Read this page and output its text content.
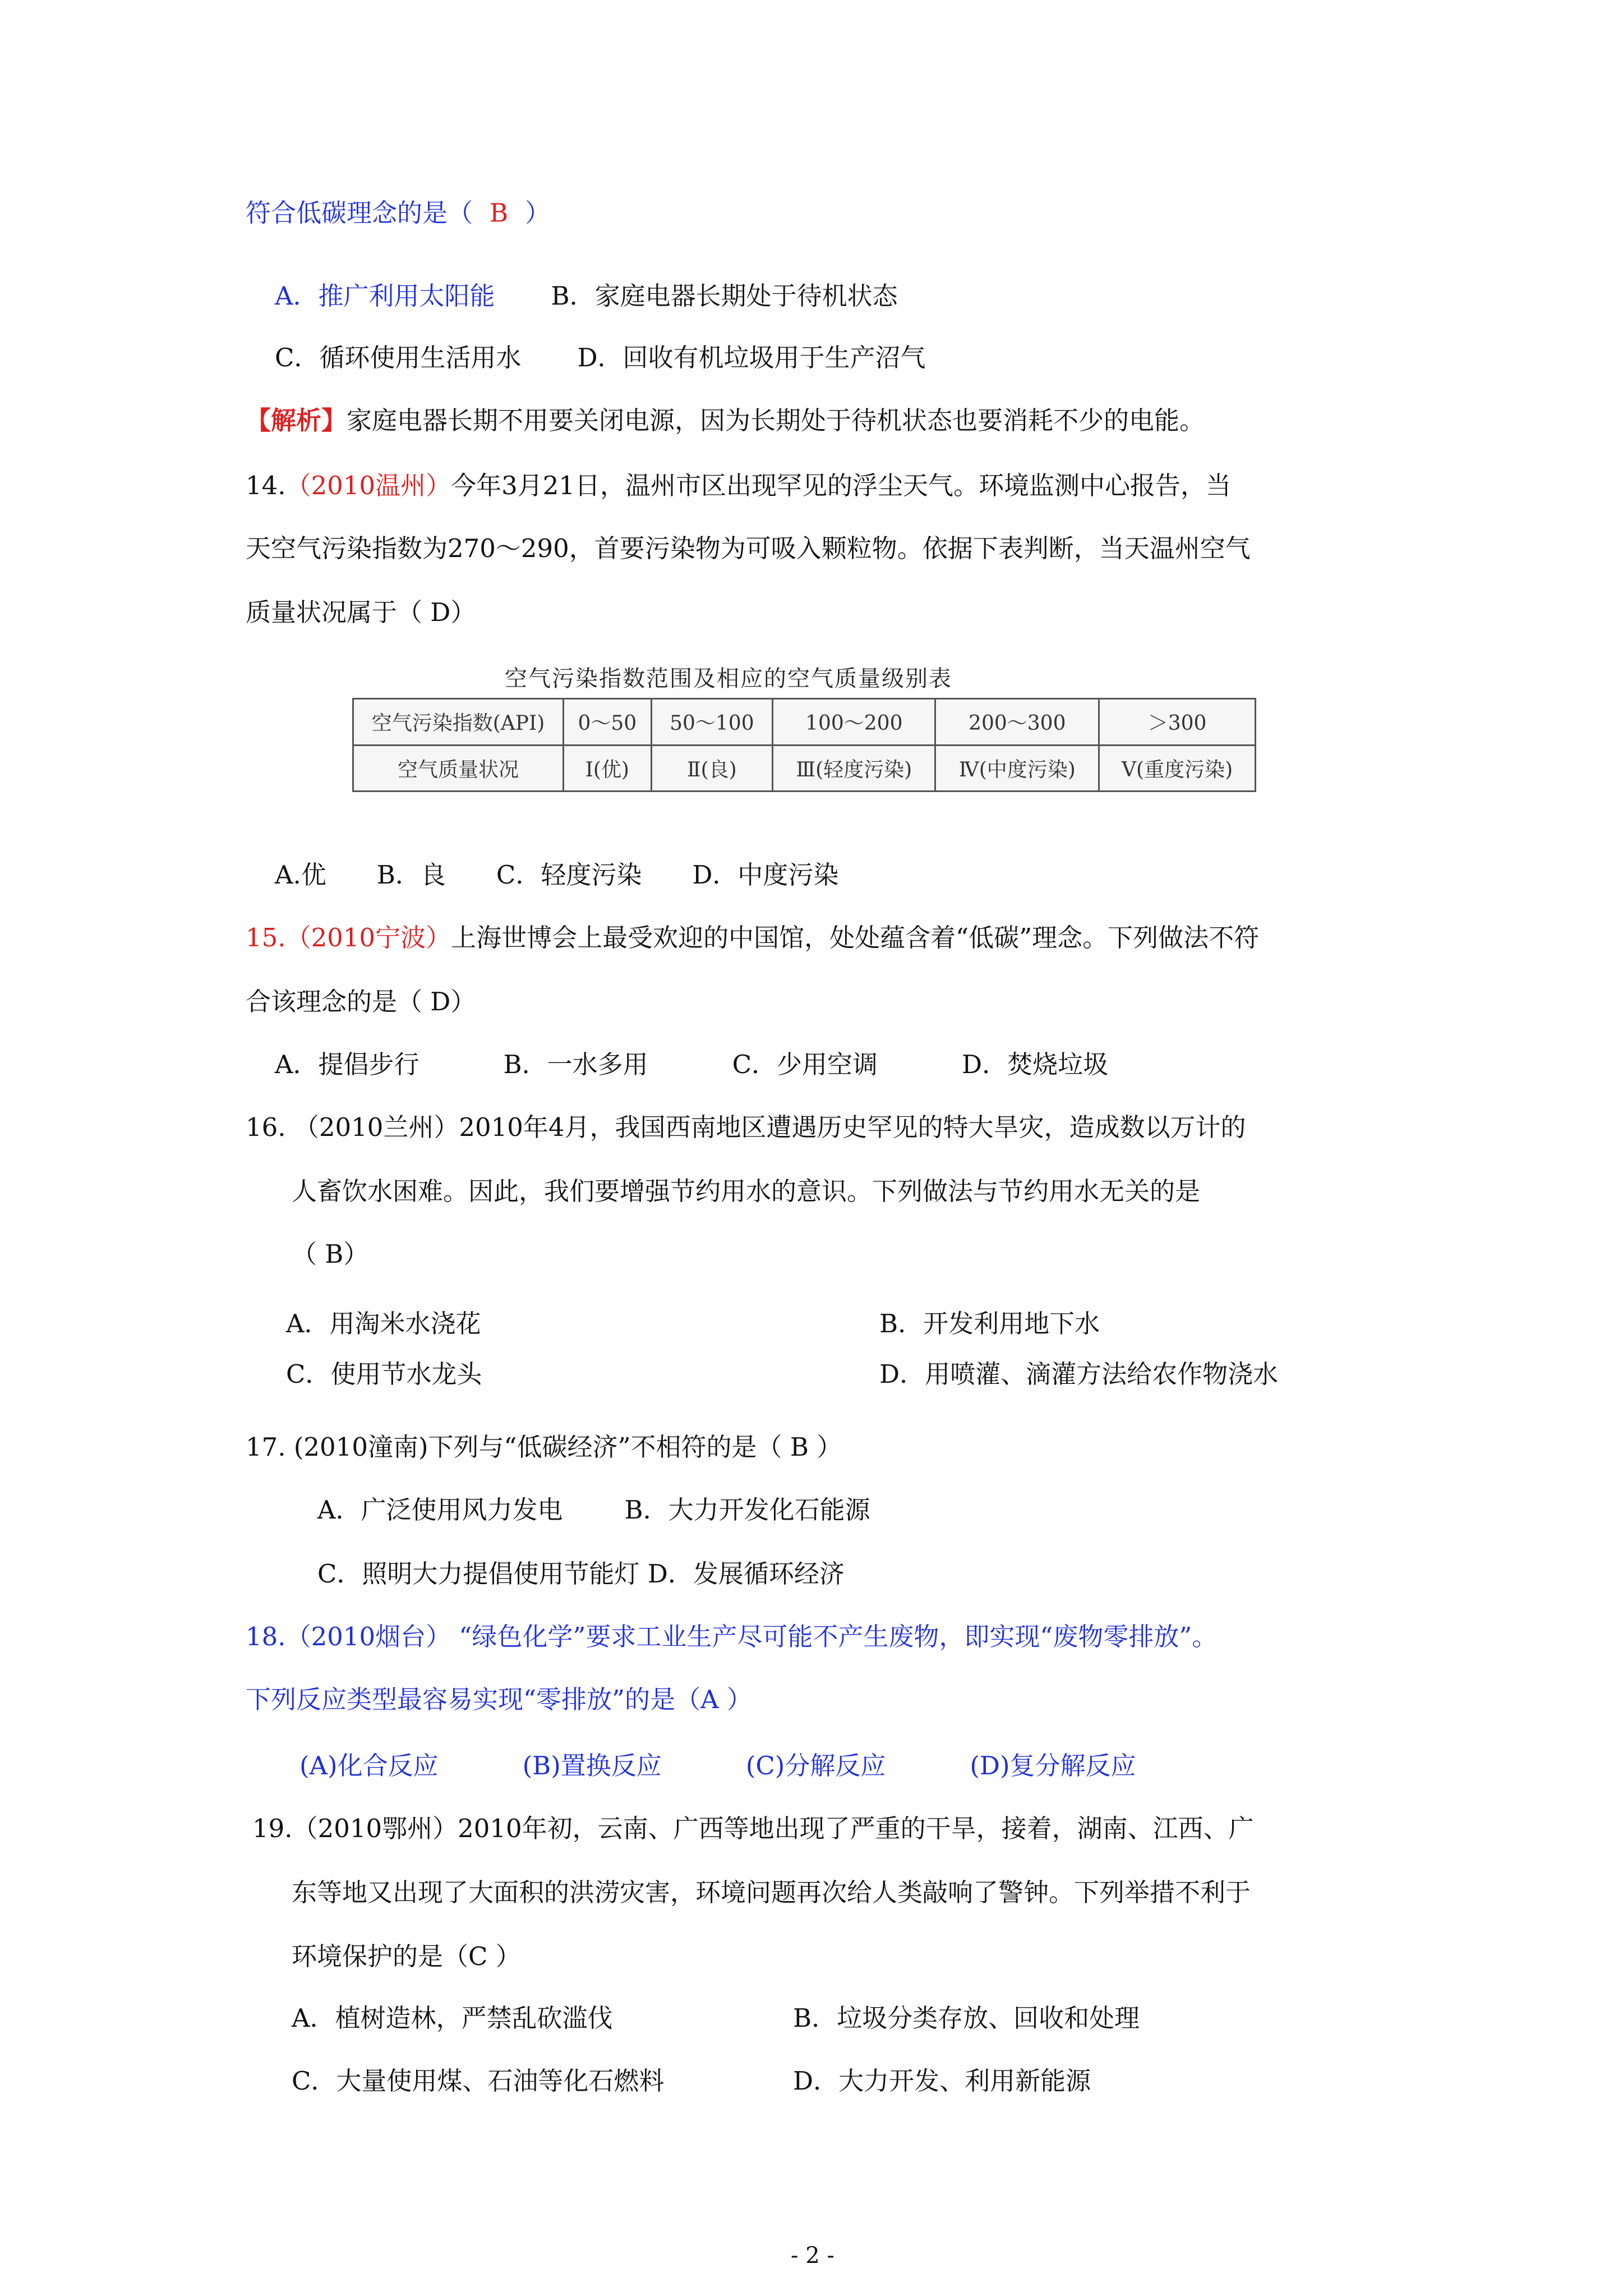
符合低碳理念的是（ B ）
A．推广利用太阳能 B．家庭电器长期处于待机状态
C．循环使用生活用水 D．回收有机垃圾用于生产沼气
【解析】家庭电器长期不用要关闭电源，因为长期处于待机状态也要消耗不少的电能。
14.（2010温州）今年3月21日，温州市区出现罕见的浮尘天气。环境监测中心报告，当
天空气污染指数为270～290，首要污染物为可吸入颗粒物。依据下表判断，当天温州空气
质量状况属于（ D）
空气污染指数范围及相应的空气质量级别表
空气污染指数(API)	0～50	50～100	100～200	200～300	＞300
空气质量状况	Ⅰ(优)	Ⅱ(良)	Ⅲ(轻度污染)	Ⅳ(中度污染)	Ⅴ(重度污染)
A.优 B．良 C．轻度污染 D．中度污染
15.（2010宁波）上海世博会上最受欢迎的中国馆，处处蕴含着“低碳”理念。下列做法不符
合该理念的是（ D）
A．提倡步行	B．一水多用	C．少用空调	D．焚烧垃圾
16. （2010兰州）2010年4月，我国西南地区遭遇历史罕见的特大旱灾，造成数以万计的
人畜饮水困难。因此，我们要增强节约用水的意识。下列做法与节约用水无关的是
（ B）
A．用淘米水浇花	B．开发利用地下水
C．使用节水龙头	D．用喷灌、滴灌方法给农作物浇水
17. (2010潼南)下列与“低碳经济”不相符的是（ B ）
A．广泛使用风力发电 B．大力开发化石能源
C．照明大力提倡使用节能灯 D．发展循环经济
18.（2010烟台） “绿色化学”要求工业生产尽可能不产生废物，即实现“废物零排放”。
下列反应类型最容易实现“零排放”的是（A ）
(A)化合反应	(B)置换反应	(C)分解反应	(D)复分解反应
19.（2010鄂州）2010年初，云南、广西等地出现了严重的干旱，接着，湖南、江西、广
东等地又出现了大面积的洪涝灾害，环境问题再次给人类敲响了警钟。下列举措不利于
环境保护的是（C ）
A．植树造林，严禁乱砍滥伐	B．垃圾分类存放、回收和处理
C．大量使用煤、石油等化石燃料	D．大力开发、利用新能源
- 2 -
